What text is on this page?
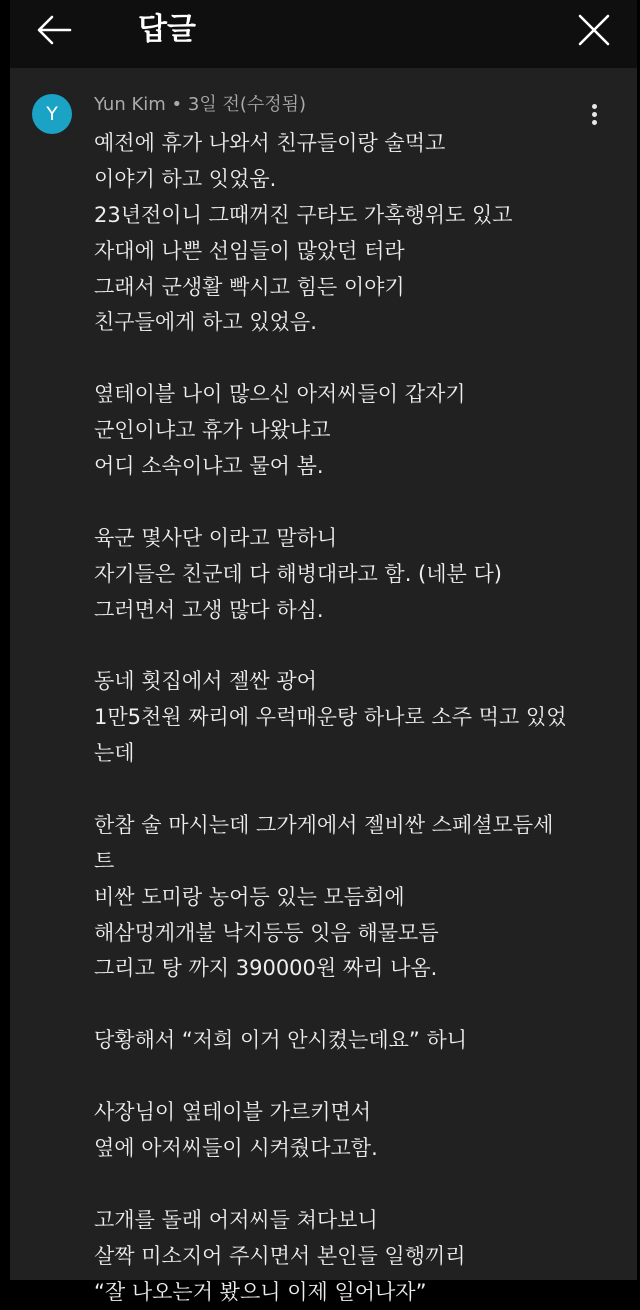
답글
Y	Yun Kim • 3일 전(수정됨)
예전에 휴가 나와서 친규들이랑 술먹고
이야기 하고 잇었움.
23년전이니 그때꺼진 구타도 가혹행위도 있고
자대에 나쁜 선임들이 많았던 터라
그래서 군생활 빡시고 힘든 이야기
친구들에게 하고 있었음.
옆테이블 나이 많으신 아저씨들이 갑자기
군인이냐고 휴가 나왔냐고
어디 소속이냐고 물어 봄.
육군 몇사단 이라고 말하니
자기들은 친군데 다 해병대라고 함. (네분 다)
그러면서 고생 많다 하심.
동네 횟집에서 젤싼 광어
1만5천원 짜리에 우럭매운탕 하나로 소주 먹고 있었
는데
한참 술 마시는데 그가게에서 젤비싼 스페셜모듬세
트
비싼 도미랑 농어등 있는 모듬회에
해삼멍게개불 낙지등등 잇음 해물모듬
그리고 탕 까지 390000원 짜리 나옴.
당황해서 “저희 이거 안시켰는데요” 하니
사장님이 옆테이블 가르키면서
옆에 아저씨들이 시켜줬다고함.
고개를 돌래 어저씨들 쳐다보니
살짝 미소지어 주시면서 본인들 일행끼리
“잘 나오는거 봤으니 이제 일어나자”
